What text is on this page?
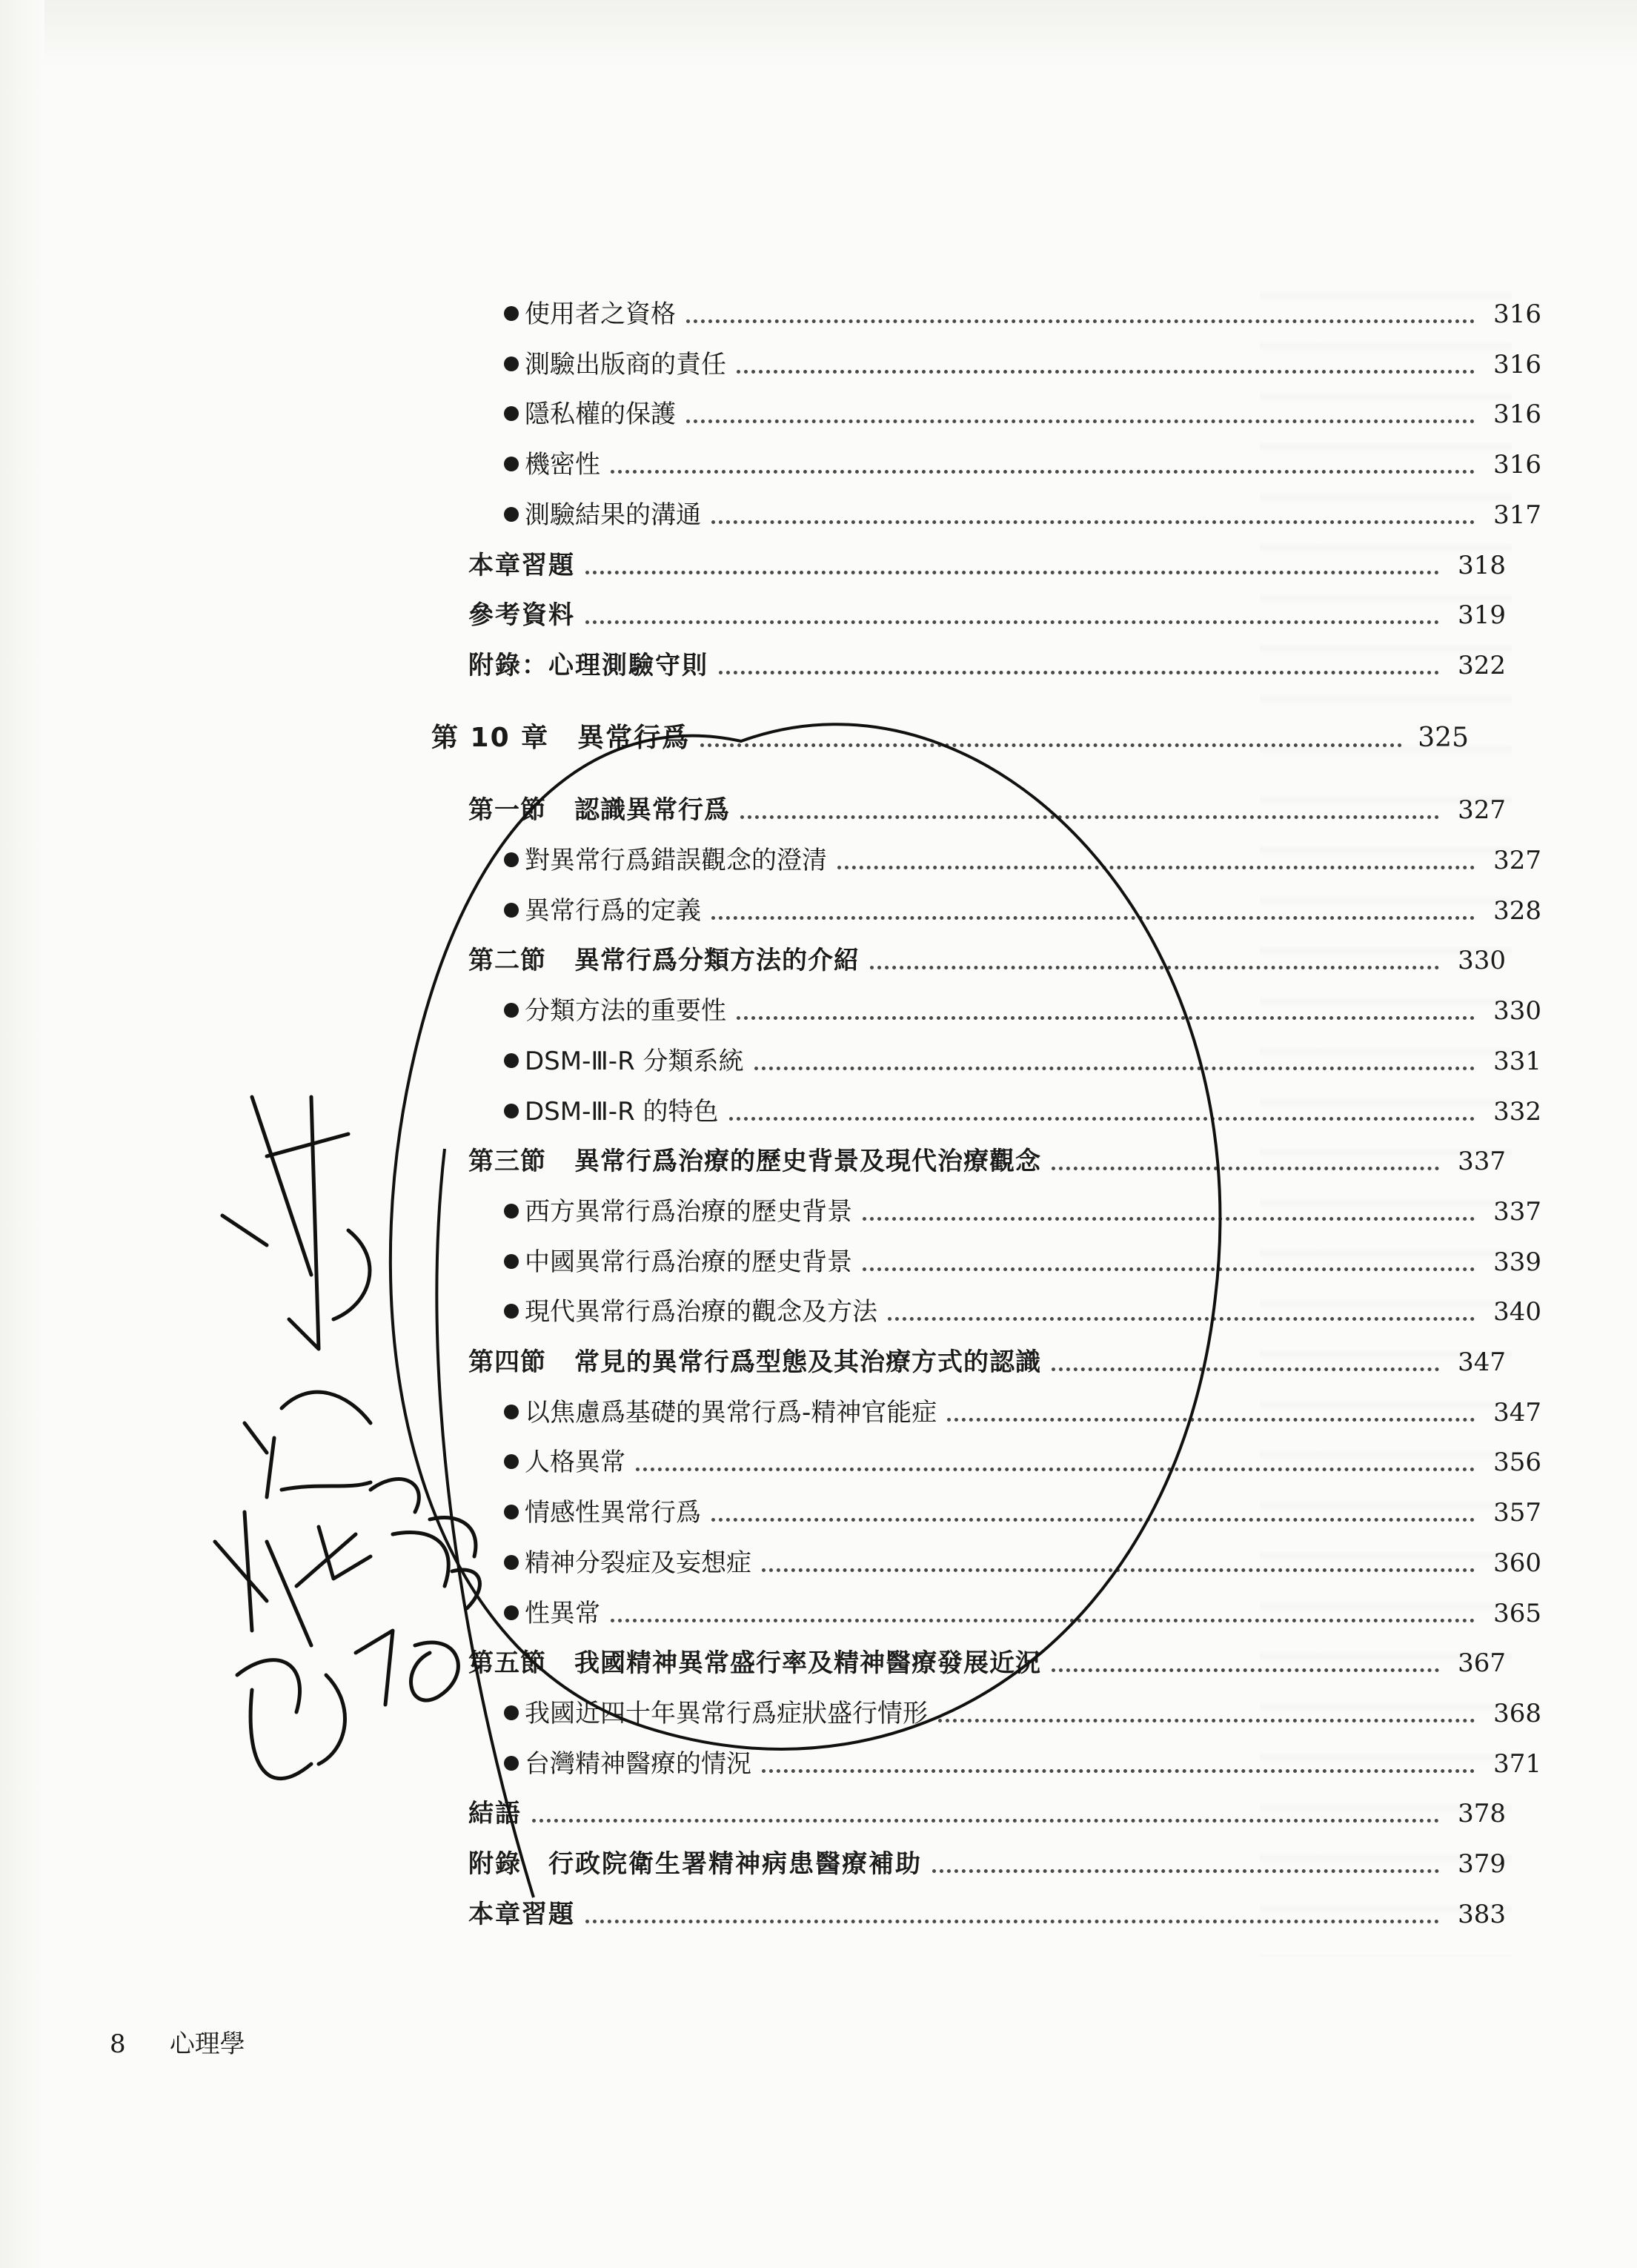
使用者之資格	316
測驗出版商的責任	316
隱私權的保護	316
機密性	316
測驗結果的溝通	317
本章習題	318
參考資料	319
附錄：心理測驗守則	322
第 10 章　異常行爲	325
第一節 認識異常行爲	327
對異常行爲錯誤觀念的澄清	327
異常行爲的定義	328
第二節 異常行爲分類方法的介紹	330
分類方法的重要性	330
DSM-Ⅲ-R 分類系統	331
DSM-Ⅲ-R 的特色	332
第三節 異常行爲治療的歷史背景及現代治療觀念	337
西方異常行爲治療的歷史背景	337
中國異常行爲治療的歷史背景	339
現代異常行爲治療的觀念及方法	340
第四節 常見的異常行爲型態及其治療方式的認識	347
以焦慮爲基礎的異常行爲-精神官能症	347
人格異常	356
情感性異常行爲	357
精神分裂症及妄想症	360
性異常	365
第五節 我國精神異常盛行率及精神醫療發展近況	367
我國近四十年異常行爲症狀盛行情形	368
台灣精神醫療的情況	371
結語	378
附錄　行政院衛生署精神病患醫療補助	379
本章習題	383
8 心理學
